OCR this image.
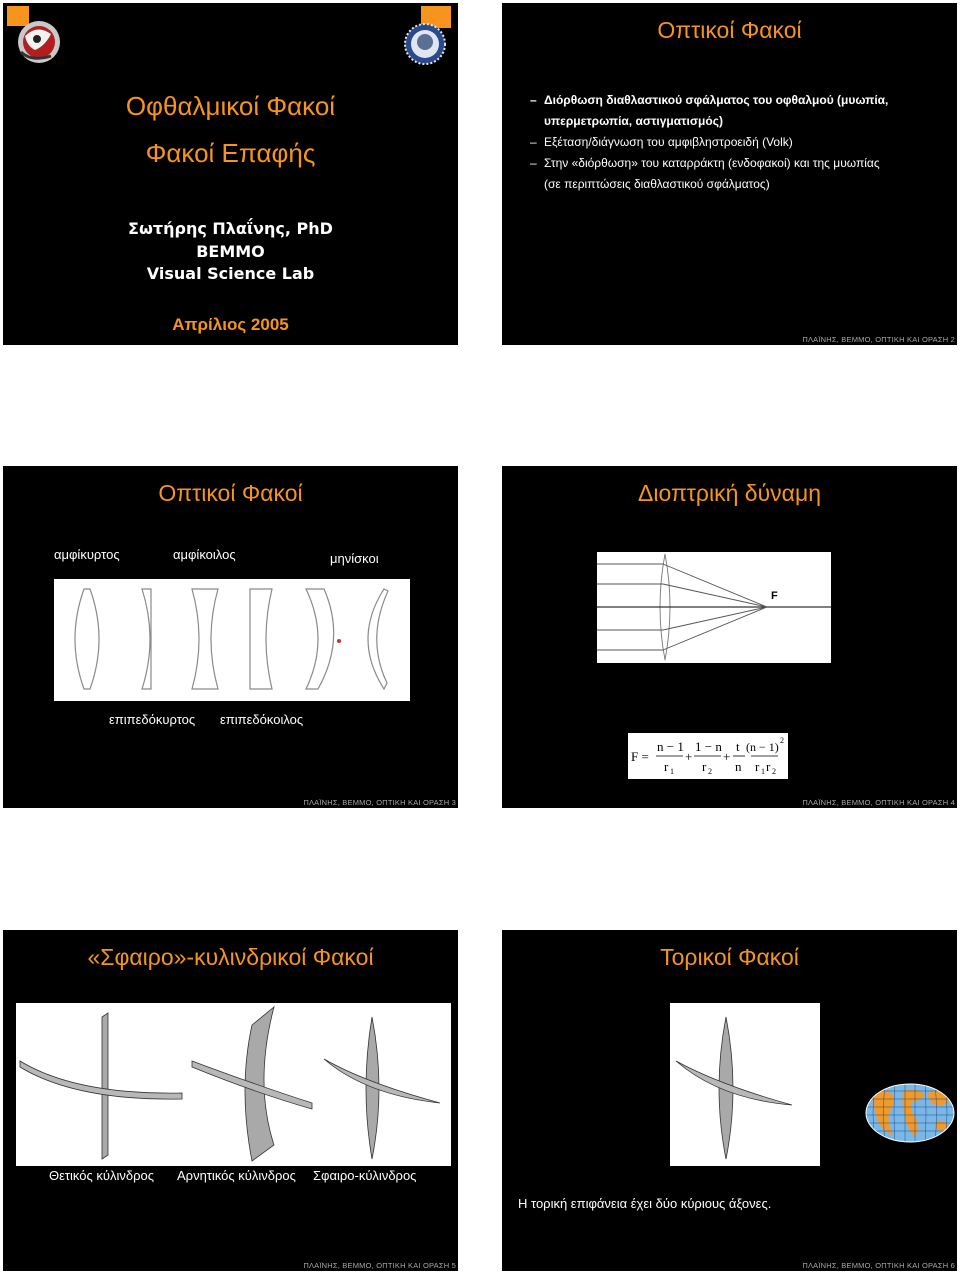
Οφθαλμικοί Φακοί
Φακοί Επαφής
Σωτήρης Πλαΐνης, PhD
ΒΕΜΜΟ
Visual Science Lab
Απρίλιος 2005
Οπτικοί Φακοί
– Διόρθωση διαθλαστικού σφάλματος του οφθαλμού (μυωπία,
υπερμετρωπία, αστιγματισμός)
– Εξέταση/διάγνωση του αμφιβληστροειδή (Volk)
– Στην «διόρθωση» του καταρράκτη (ενδοφακοί) και της μυωπίας
(σε περιπτώσεις διαθλαστικού σφάλματος)
ΠΛΑΪΝΗΣ, ΒΕΜΜΟ, ΟΠΤΙΚΗ ΚΑΙ ΟΡΑΣΗ 2
Οπτικοί Φακοί
αμφίκυρτος	αμφίκοιλος	μηνίσκοι
επιπεδόκυρτος επιπεδόκοιλος
ΠΛΑΪΝΗΣ, ΒΕΜΜΟ, ΟΠΤΙΚΗ ΚΑΙ ΟΡΑΣΗ 3
Διοπτρική δύναμη
F
F =
n − 1
r 1
+
1 − n
r 2
+
t
n
(n − 1) 2
r 1 r 2
ΠΛΑΪΝΗΣ, ΒΕΜΜΟ, ΟΠΤΙΚΗ ΚΑΙ ΟΡΑΣΗ 4
«Σφαιρο»-κυλινδρικοί Φακοί
Θετικός κύλινδρος Αρνητικός κύλινδρος Σφαιρο-κύλινδρος
ΠΛΑΪΝΗΣ, ΒΕΜΜΟ, ΟΠΤΙΚΗ ΚΑΙ ΟΡΑΣΗ 5
Τορικοί Φακοί
Η τορική επιφάνεια έχει δύο κύριους άξονες.
ΠΛΑΪΝΗΣ, ΒΕΜΜΟ, ΟΠΤΙΚΗ ΚΑΙ ΟΡΑΣΗ 6
